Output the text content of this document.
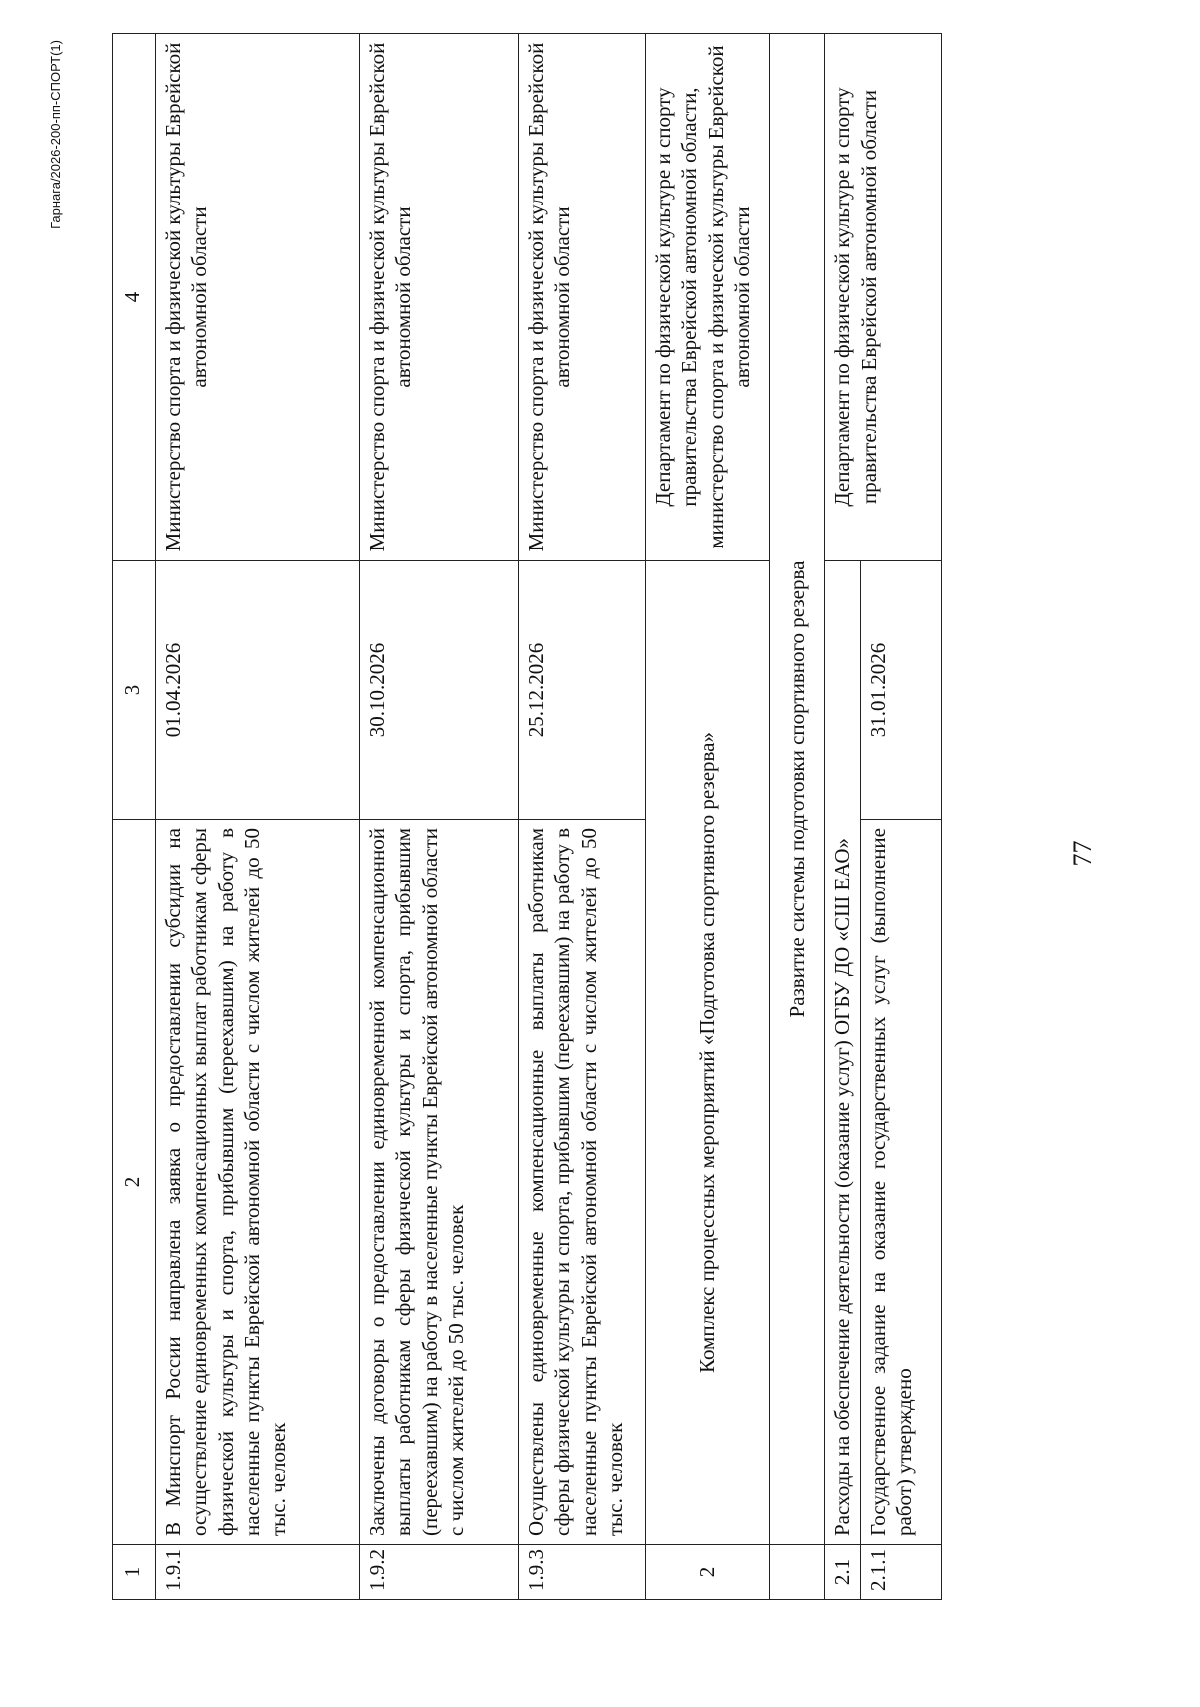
Гарнага/2026-200-пп-СПОРТ(1)
1	2	3	4
1.9.1	В Минспорт России направлена заявка о предоставлении субсидии на осуществление единовременных компенсационных выплат работникам сферы физической культуры и спорта, прибывшим (переехавшим) на работу в населенные пункты Еврейской автономной области с числом жителей до 50 тыс. человек	01.04.2026	Министерство спорта и физической культуры Еврейской автономной области
1.9.2	Заключены договоры о предоставлении единовременной компенсационной выплаты работникам сферы физической культуры и спорта, прибывшим (переехавшим) на работу в населенные пункты Еврейской автономной области с числом жителей до 50 тыс. человек	30.10.2026	Министерство спорта и физической культуры Еврейской автономной области
1.9.3	Осуществлены единовременные компенсационные выплаты работникам сферы физической культуры и спорта, прибывшим (переехавшим) на работу в населенные пункты Еврейской автономной области с числом жителей до 50 тыс. человек	25.12.2026	Министерство спорта и физической культуры Еврейской автономной области
2	Комплекс процессных мероприятий «Подготовка спортивного резерва»		Департамент по физической культуре и спорту правительства Еврейской автономной области, министерство спорта и физической культуры Еврейской автономной области
	Развитие системы подготовки спортивного резерва		
2.1	Расходы на обеспечение деятельности (оказание услуг) ОГБУ ДО «СШ ЕАО»		Департамент по физической культуре и спорту правительства Еврейской автономной области
2.1.1	Государственное задание на оказание государственных услуг (выполнение работ) утверждено	31.01.2026	
77
